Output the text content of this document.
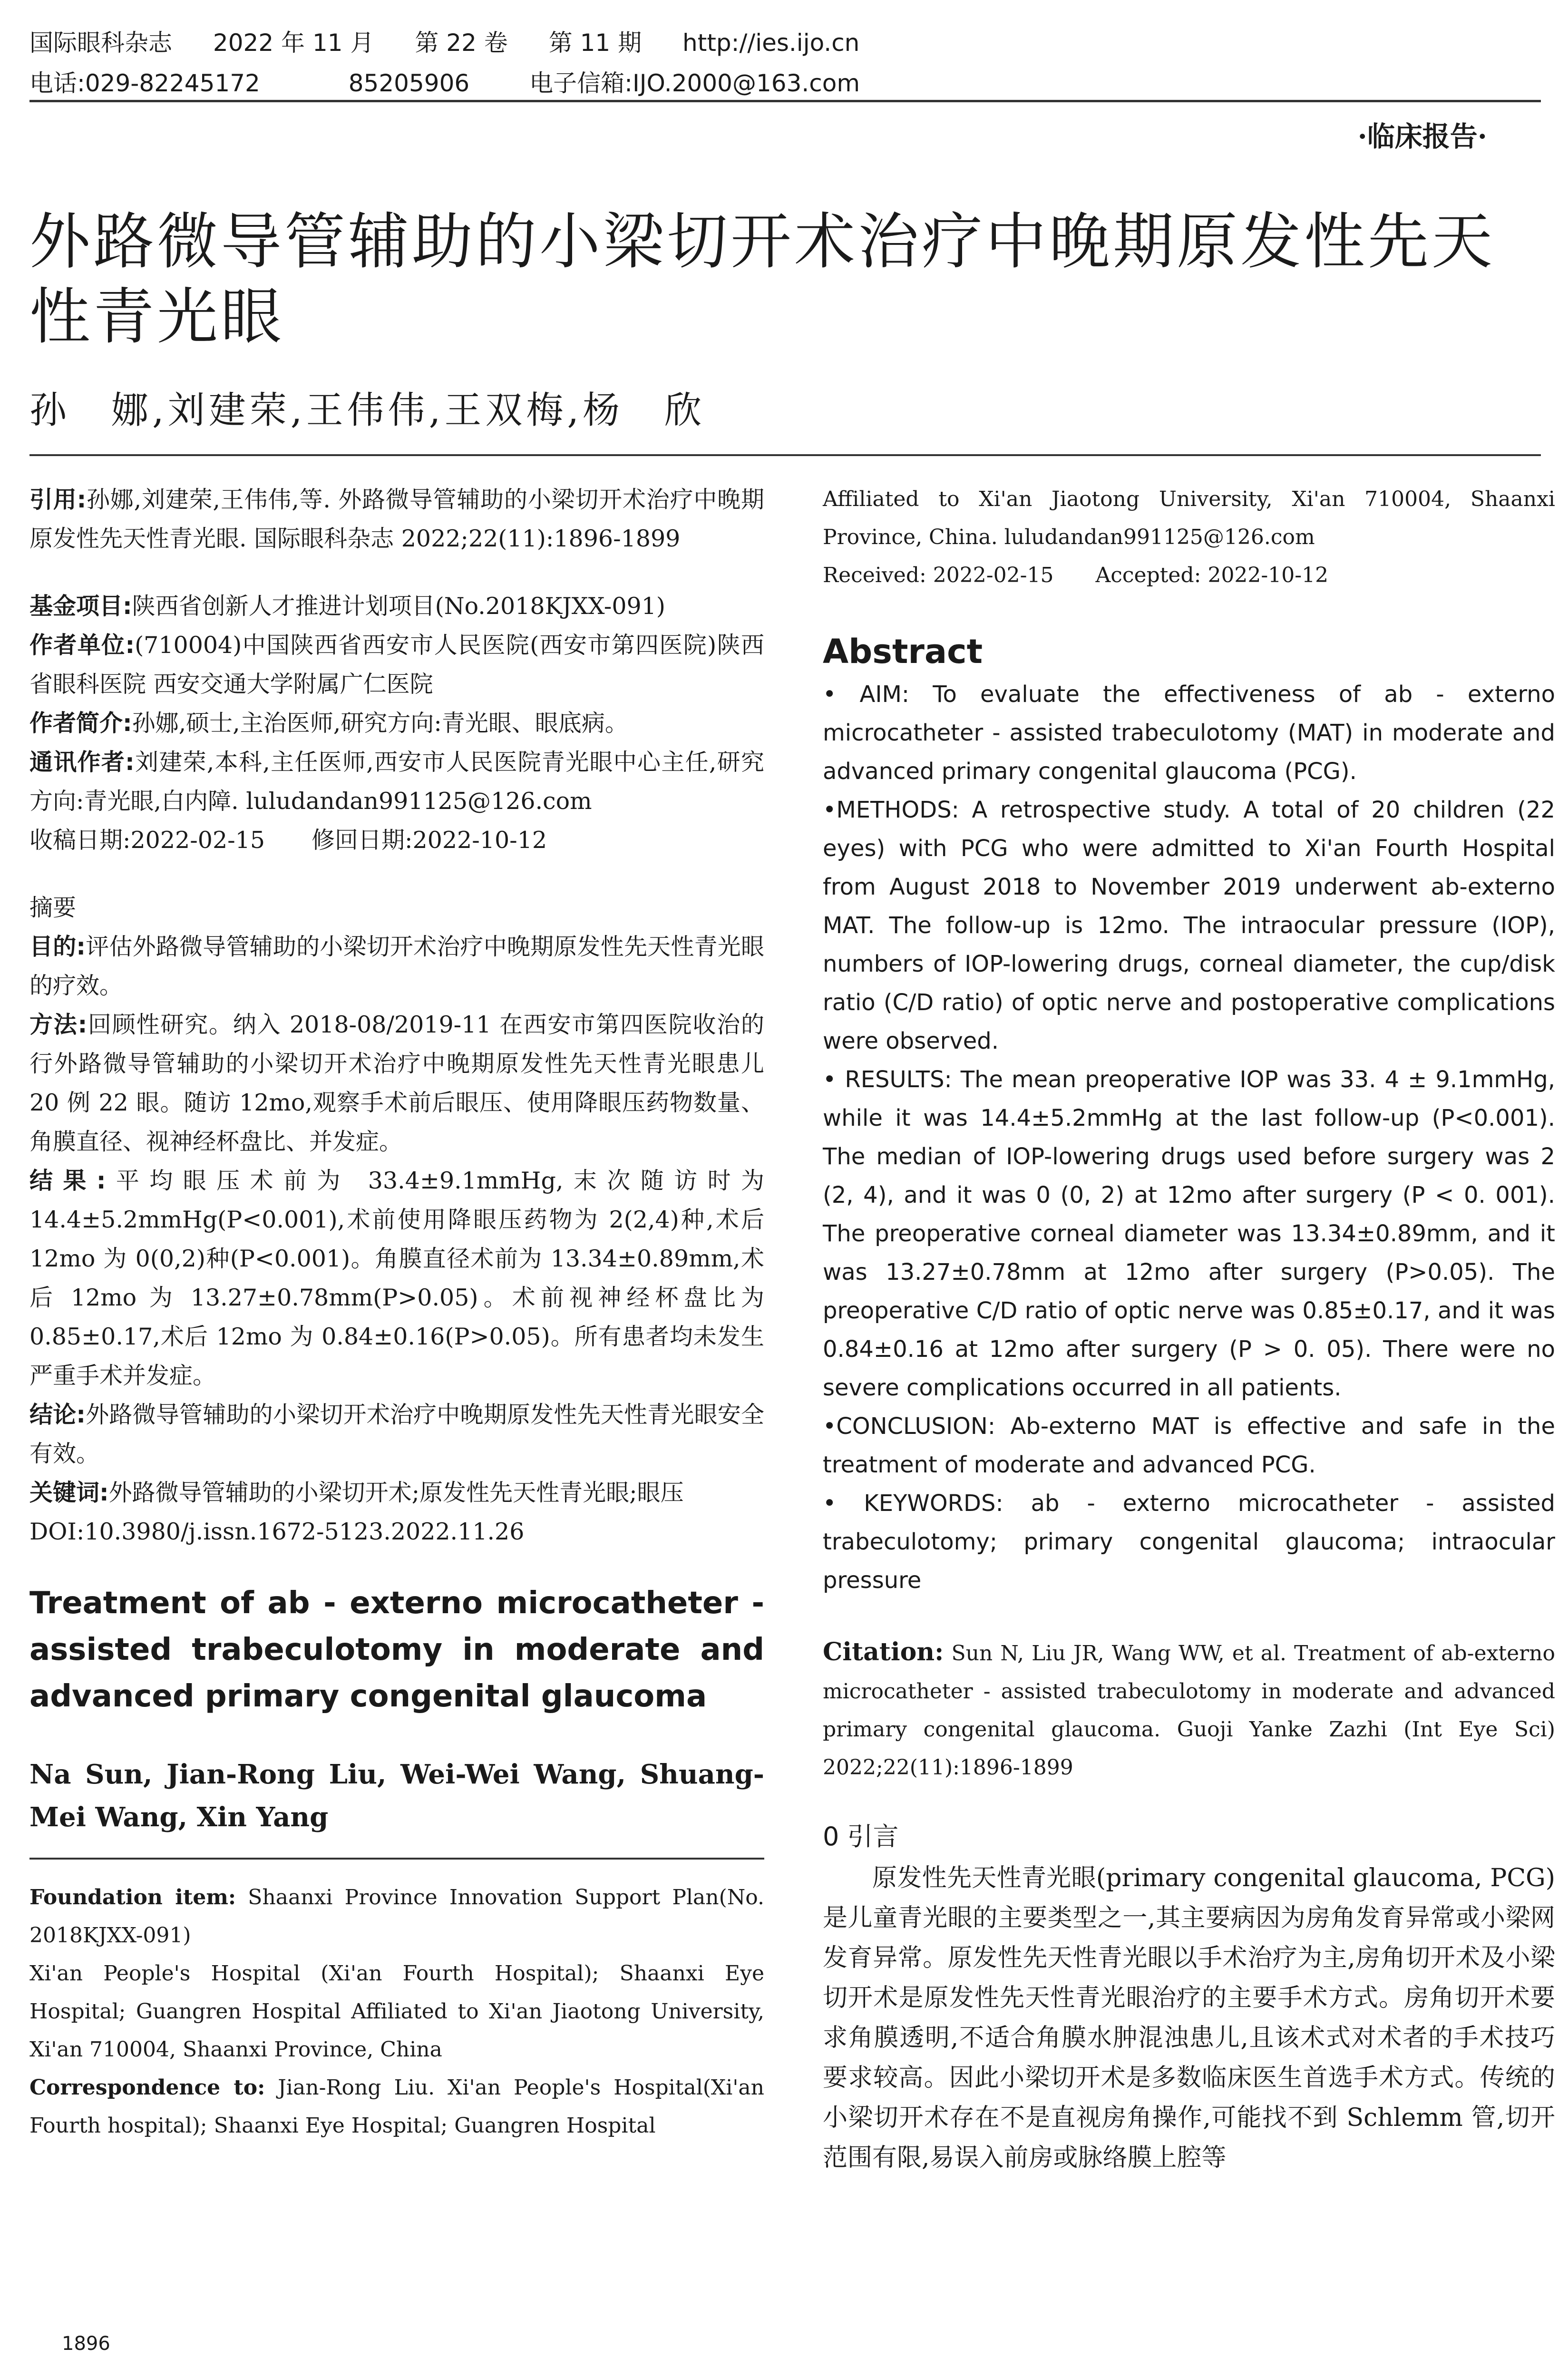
国际眼科杂志 2022 年 11 月 第 22 卷 第 11 期 http://ies.ijo.cn
电话:029-82245172	85205906	电子信箱:IJO.2000@163.com
·临床报告·
外路微导管辅助的小梁切开术治疗中晚期原发性先天性青光眼
孙　娜,刘建荣,王伟伟,王双梅,杨　欣

引用:孙娜,刘建荣,王伟伟,等. 外路微导管辅助的小梁切开术治疗中晚期原发性先天性青光眼. 国际眼科杂志 2022;22(11):1896-1899

基金项目:陕西省创新人才推进计划项目(No.2018KJXX-091)

作者单位:(710004)中国陕西省西安市人民医院(西安市第四医院)陕西省眼科医院 西安交通大学附属广仁医院

作者简介:孙娜,硕士,主治医师,研究方向:青光眼、眼底病。

通讯作者:刘建荣,本科,主任医师,西安市人民医院青光眼中心主任,研究方向:青光眼,白内障. luludandan991125@126.com

收稿日期:2022-02-15　　修回日期:2022-10-12

摘要

目的:评估外路微导管辅助的小梁切开术治疗中晚期原发性先天性青光眼的疗效。

方法:回顾性研究。纳入 2018-08/2019-11 在西安市第四医院收治的行外路微导管辅助的小梁切开术治疗中晚期原发性先天性青光眼患儿 20 例 22 眼。随访 12mo,观察手术前后眼压、使用降眼压药物数量、角膜直径、视神经杯盘比、并发症。

结果:平均眼压术前为 33.4±9.1mmHg,末次随访时为14.4±5.2mmHg(P<0.001),术前使用降眼压药物为 2(2,4)种,术后 12mo 为 0(0,2)种(P<0.001)。角膜直径术前为 13.34±0.89mm,术后 12mo 为 13.27±0.78mm(P>0.05)。术前视神经杯盘比为 0.85±0.17,术后 12mo 为 0.84±0.16(P>0.05)。所有患者均未发生严重手术并发症。

结论:外路微导管辅助的小梁切开术治疗中晚期原发性先天性青光眼安全有效。

关键词:外路微导管辅助的小梁切开术;原发性先天性青光眼;眼压

DOI:10.3980/j.issn.1672-5123.2022.11.26

Treatment of ab - externo microcatheter - assisted trabeculotomy in moderate and advanced primary congenital glaucoma

Na Sun, Jian-Rong Liu, Wei-Wei Wang, Shuang-Mei Wang, Xin Yang

Foundation item: Shaanxi Province Innovation Support Plan(No. 2018KJXX-091)

Xi'an People's Hospital (Xi'an Fourth Hospital); Shaanxi Eye Hospital; Guangren Hospital Affiliated to Xi'an Jiaotong University, Xi'an 710004, Shaanxi Province, China

Correspondence to: Jian-Rong Liu. Xi'an People's Hospital(Xi'an Fourth hospital); Shaanxi Eye Hospital; Guangren Hospital

Affiliated to Xi'an Jiaotong University, Xi'an 710004, Shaanxi Province, China. luludandan991125@126.com

Received: 2022-02-15　　Accepted: 2022-10-12

Abstract

• AIM: To evaluate the effectiveness of ab - externo microcatheter - assisted trabeculotomy (MAT) in moderate and advanced primary congenital glaucoma (PCG).

•METHODS: A retrospective study. A total of 20 children (22 eyes) with PCG who were admitted to Xi'an Fourth Hospital from August 2018 to November 2019 underwent ab-externo MAT. The follow-up is 12mo. The intraocular pressure (IOP), numbers of IOP-lowering drugs, corneal diameter, the cup/disk ratio (C/D ratio) of optic nerve and postoperative complications were observed.

• RESULTS: The mean preoperative IOP was 33. 4 ± 9.1mmHg, while it was 14.4±5.2mmHg at the last follow-up (P<0.001). The median of IOP-lowering drugs used before surgery was 2 (2, 4), and it was 0 (0, 2) at 12mo after surgery (P < 0. 001). The preoperative corneal diameter was 13.34±0.89mm, and it was 13.27±0.78mm at 12mo after surgery (P>0.05). The preoperative C/D ratio of optic nerve was 0.85±0.17, and it was 0.84±0.16 at 12mo after surgery (P > 0. 05). There were no severe complications occurred in all patients.

•CONCLUSION: Ab-externo MAT is effective and safe in the treatment of moderate and advanced PCG.

• KEYWORDS: ab - externo microcatheter - assisted trabeculotomy; primary congenital glaucoma; intraocular pressure

Citation: Sun N, Liu JR, Wang WW, et al. Treatment of ab-externo microcatheter - assisted trabeculotomy in moderate and advanced primary congenital glaucoma. Guoji Yanke Zazhi (Int Eye Sci) 2022;22(11):1896-1899

0 引言

原发性先天性青光眼(primary congenital glaucoma, PCG)是儿童青光眼的主要类型之一,其主要病因为房角发育异常或小梁网发育异常。原发性先天性青光眼以手术治疗为主,房角切开术及小梁切开术是原发性先天性青光眼治疗的主要手术方式。房角切开术要求角膜透明,不适合角膜水肿混浊患儿,且该术式对术者的手术技巧要求较高。因此小梁切开术是多数临床医生首选手术方式。传统的小梁切开术存在不是直视房角操作,可能找不到 Schlemm 管,切开范围有限,易误入前房或脉络膜上腔等

1896
